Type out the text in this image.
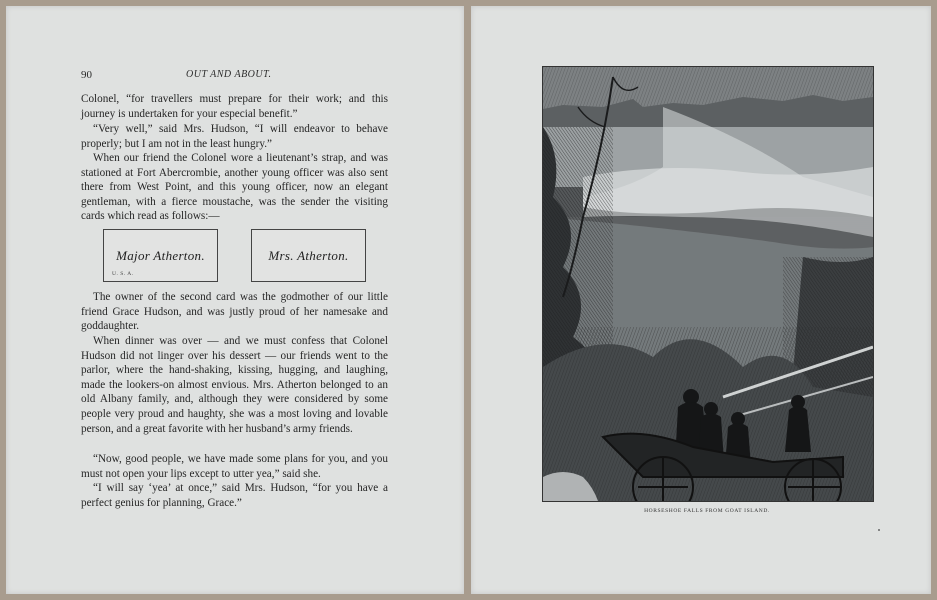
90	OUT AND ABOUT.
Colonel, “for travellers must prepare for their work; and this journey is undertaken for your especial benefit.”
“Very well,” said Mrs. Hudson, “I will endeavor to behave properly; but I am not in the least hungry.”
When our friend the Colonel wore a lieutenant’s strap, and was stationed at Fort Abercrombie, another young officer was also sent there from West Point, and this young officer, now an elegant gentleman, with a fierce moustache, was the sender the visiting cards which read as follows:—
Major Atherton.
U. S. A.
Mrs. Atherton.
The owner of the second card was the godmother of our little friend Grace Hudson, and was justly proud of her namesake and goddaughter.
When dinner was over — and we must confess that Colonel Hudson did not linger over his dessert — our friends went to the parlor, where the hand-shaking, kissing, hugging, and laughing, made the lookers-on almost envious. Mrs. Atherton belonged to an old Albany family, and, although they were considered by some people very proud and haughty, she was a most loving and lovable person, and a great favorite with her husband’s army friends.
“Now, good people, we have made some plans for you, and you must not open your lips except to utter yea,” said she.
“I will say ‘yea’ at once,” said Mrs. Hudson, “for you have a perfect genius for planning, Grace.”
HORSESHOE FALLS FROM GOAT ISLAND.
